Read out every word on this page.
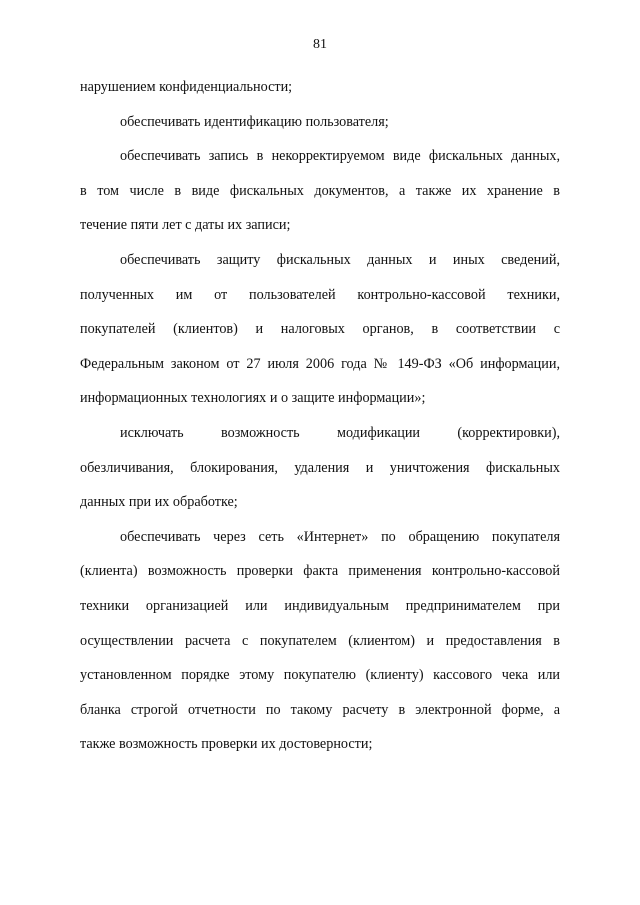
81
нарушением конфиденциальности;
обеспечивать идентификацию пользователя;
обеспечивать запись в некорректируемом виде фискальных данных,
в том числе в виде фискальных документов, а также их хранение в
течение пяти лет с даты их записи;
обеспечивать защиту фискальных данных и иных сведений,
полученных им от пользователей контрольно-кассовой техники,
покупателей (клиентов) и налоговых органов, в соответствии с
Федеральным законом от 27 июля 2006 года № 149-ФЗ «Об информации,
информационных технологиях и о защите информации»;
исключать возможность модификации (корректировки),
обезличивания, блокирования, удаления и уничтожения фискальных
данных при их обработке;
обеспечивать через сеть «Интернет» по обращению покупателя
(клиента) возможность проверки факта применения контрольно-кассовой
техники организацией или индивидуальным предпринимателем при
осуществлении расчета с покупателем (клиентом) и предоставления в
установленном порядке этому покупателю (клиенту) кассового чека или
бланка строгой отчетности по такому расчету в электронной форме, а
также возможность проверки их достоверности;
